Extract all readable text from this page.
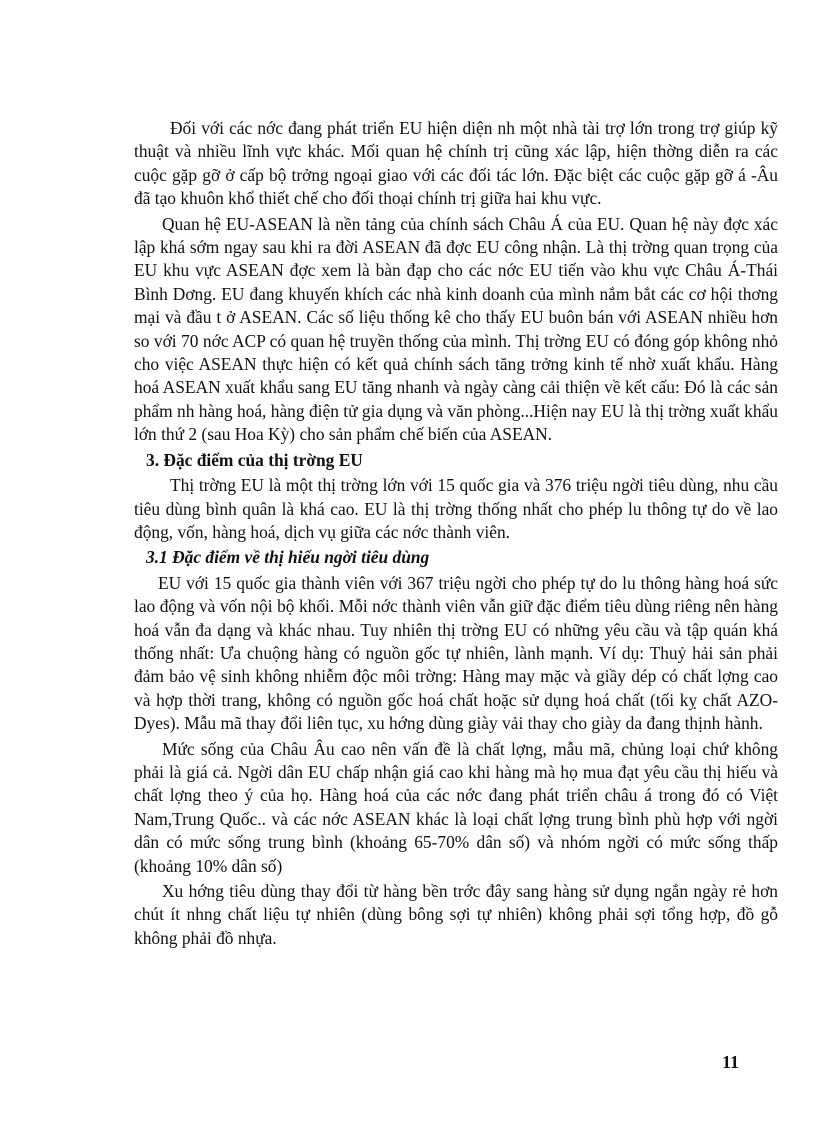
Đối với các nớc đang phát triển EU hiện diện nh một nhà tài trợ lớn trong trợ giúp kỹ thuật và nhiều lĩnh vực khác. Mối quan hệ chính trị cũng xác lập, hiện thờng diễn ra các cuộc gặp gỡ ở cấp bộ trởng ngoại giao với các đối tác lớn. Đặc biệt các cuộc gặp gỡ á -Âu đã tạo khuôn khổ thiết chế cho đối thoại chính trị giữa hai khu vực.

Quan hệ EU-ASEAN là nền tảng của chính sách Châu Á của EU. Quan hệ này đợc xác lập khá sớm ngay sau khi ra đời ASEAN đã đợc EU công nhận. Là thị trờng quan trọng của EU khu vực ASEAN đợc xem là bàn đạp cho các nớc EU tiến vào khu vực Châu Á-Thái Bình Dơng. EU đang khuyến khích các nhà kinh doanh của mình nắm bắt các cơ hội thơng mại và đầu t ở ASEAN. Các số liệu thống kê cho thấy EU buôn bán với ASEAN nhiều hơn so với 70 nớc ACP có quan hệ truyền thống của mình. Thị trờng EU có đóng góp không nhỏ cho việc ASEAN thực hiện có kết quả chính sách tăng trởng kinh tế nhờ xuất khẩu. Hàng hoá ASEAN xuất khẩu sang EU tăng nhanh và ngày càng cải thiện về kết cấu: Đó là các sản phẩm nh hàng hoá, hàng điện tử gia dụng và văn phòng...Hiện nay EU là thị trờng xuất khẩu lớn thứ 2 (sau Hoa Kỳ) cho sản phẩm chế biến của ASEAN.

3. Đặc điểm của thị trờng EU

Thị trờng EU là một thị trờng lớn với 15 quốc gia và 376 triệu ngời tiêu dùng, nhu cầu tiêu dùng bình quân là khá cao. EU là thị trờng thống nhất cho phép lu thông tự do về lao động, vốn, hàng hoá, dịch vụ giữa các nớc thành viên.

3.1 Đặc điểm về thị hiếu ngời tiêu dùng

EU với 15 quốc gia thành viên với 367 triệu ngời cho phép tự do lu thông hàng hoá sức lao động và vốn nội bộ khối. Mỗi nớc thành viên vẫn giữ đặc điểm tiêu dùng riêng nên hàng hoá vẫn đa dạng và khác nhau. Tuy nhiên thị trờng EU có những yêu cầu và tập quán khá thống nhất: Ưa chuộng hàng có nguồn gốc tự nhiên, lành mạnh. Ví dụ: Thuỷ hải sản phải đảm bảo vệ sinh không nhiễm độc môi trờng: Hàng may mặc và giầy dép có chất lợng cao và hợp thời trang, không có nguồn gốc hoá chất hoặc sử dụng hoá chất (tối kỵ chất AZO-Dyes). Mẫu mã thay đổi liên tục, xu hớng dùng giày vải thay cho giày da đang thịnh hành.

Mức sống của Châu Âu cao nên vấn đề là chất lợng, mẫu mã, chủng loại chứ không phải là giá cả. Ngời dân EU chấp nhận giá cao khi hàng mà họ mua đạt yêu cầu thị hiếu và chất lợng theo ý của họ. Hàng hoá của các nớc đang phát triển châu á trong đó có Việt Nam,Trung Quốc.. và các nớc ASEAN khác là loại chất lợng trung bình phù hợp với ngời dân có mức sống trung bình (khoảng 65-70% dân số) và nhóm ngời có mức sống thấp (khoảng 10% dân số)

Xu hớng tiêu dùng thay đổi từ hàng bền trớc đây sang hàng sử dụng ngắn ngày rẻ hơn chút ít nhng chất liệu tự nhiên (dùng bông sợi tự nhiên) không phải sợi tổng hợp, đồ gỗ không phải đồ nhựa.

11
